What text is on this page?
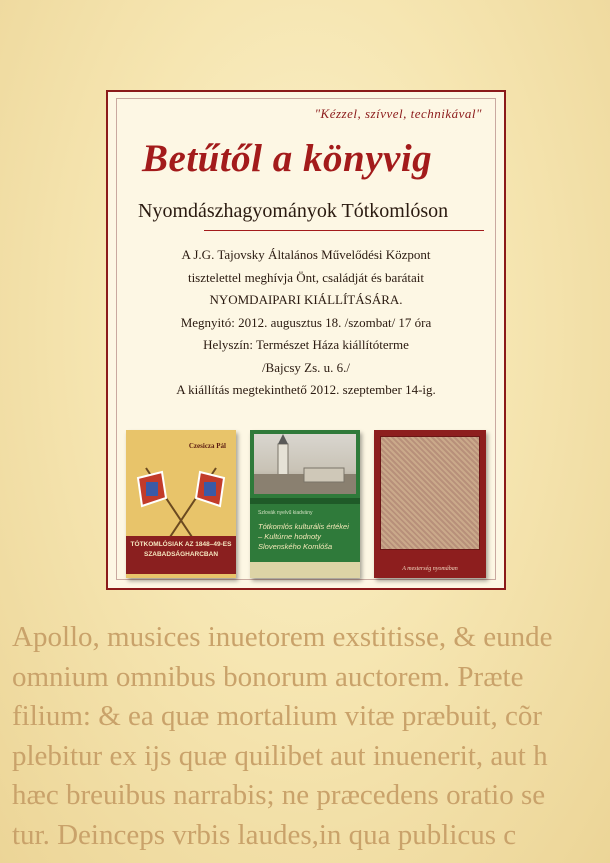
"Kézzel, szívvel, technikával"
Betűtől a könyvig
Nyomdászhagyományok Tótkomlóson
A J.G. Tajovsky Általános Művelődési Központ
tisztelettel meghívja Önt, családját és barátait
NYOMDAIPARI KIÁLLÍTÁSÁRA.
Megnyitó: 2012. augusztus 18. /szombat/ 17 óra
Helyszín: Természet Háza kiállítóterme
/Bajcsy Zs. u. 6./
A kiállítás megtekinthető 2012. szeptember 14-ig.
Czesicza Pál
TÓTKOMLÓSIAK AZ 1848–49-ES SZABADSÁGHARCBAN
Szlovák nyelvű kiadvány
Tótkomlós kulturális értékei – Kultúrne hodnoty Slovenského Komlóša
A mesterség nyomában
Apollo, musices inuetorem exstitisse, & eunde
omnium omnibus bonorum auctorem. Præte
filium: & ea quæ mortalium vitæ præbuit, cõr
plebitur ex ijs quæ quilibet aut inuenerit, aut h
hæc breuibus narrabis; ne præcedens oratio se
tur. Deinceps vrbis laudes,in qua publicus c
